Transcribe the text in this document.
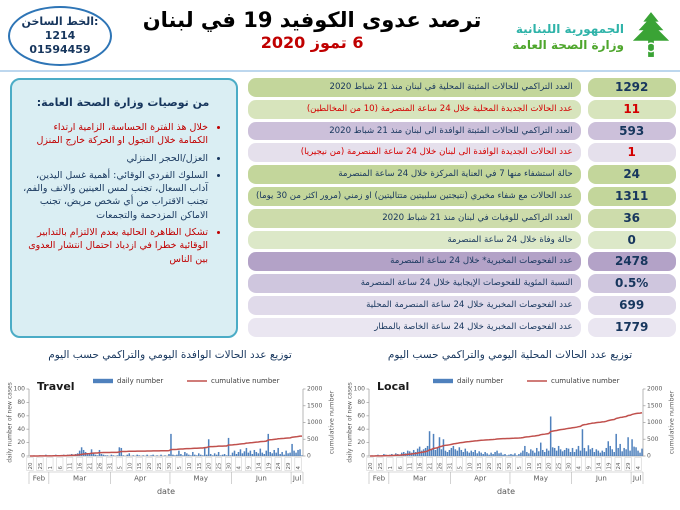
الخط الساخن:
1214
01594459
ترصد عدوى الكوفيد 19 في لبنان
6 تموز 2020
الجمهورية اللبنانية
وزارة الصحة العامة
من توصيات وزارة الصحة العامة:
• خلال هذ الفترة الحساسة، الزامية ارتداء الكمامة خلال التجول او الحركة خارج المنزل
• العزل/الحجر المنزلي
• السلوك الفردي الوقائي: أهمية غسل اليدين، آداب السعال، تجنب لمس العينين والانف والفم، تجنب الاقتراب من أي شخص مريض، تجنب الاماكن المزدحمة والتجمعات
• تشكل الظاهرة الحالية بعدم الالتزام بالتدابير الوقائية خطرا في ازدياد احتمال انتشار العدوى بين الناس
1292
العدد التراكمي للحالات المثبتة المحلية في لبنان منذ 21 شباط 2020
11
عدد الحالات الجديدة المحلية خلال 24 ساعة المنصرمة (10 من المخالطين)
593
العدد التراكمي للحالات المثبتة الوافدة الى لبنان منذ 21 شباط 2020
1
عدد الحالات الجديدة الوافدة الى لبنان خلال 24 ساعة المنصرمة (من نيجيريا)
24
حالة استشفاء منها 7 في العناية المركزة خلال 24 ساعة المنصرمة
1311
عدد الحالات مع شفاء مخبري (نتيجتين سلبيتين متتاليتين) او زمني (مرور اكثر من 30 يوما)
36
العدد التراكمي للوفيات في لبنان منذ 21 شباط 2020
0
حالة وفاة خلال 24 ساعة المنصرمة
2478
عدد الفحوصات المخبرية* خلال 24 ساعة المنصرمة
0.5%
النسبة المئوية للفحوصات الإيجابية خلال 24 ساعة المنصرمة
699
عدد الفحوصات المخبرية خلال 24 ساعة المنصرمة المحلية
1779
عدد الفحوصات المخبرية خلال 24 ساعة الخاصة بالمطار
توزيع عدد الحالات الوافدة اليومي والتراكمي حسب اليوم	توزيع عدد الحالات المحلية اليومي والتراكمي حسب اليوم
